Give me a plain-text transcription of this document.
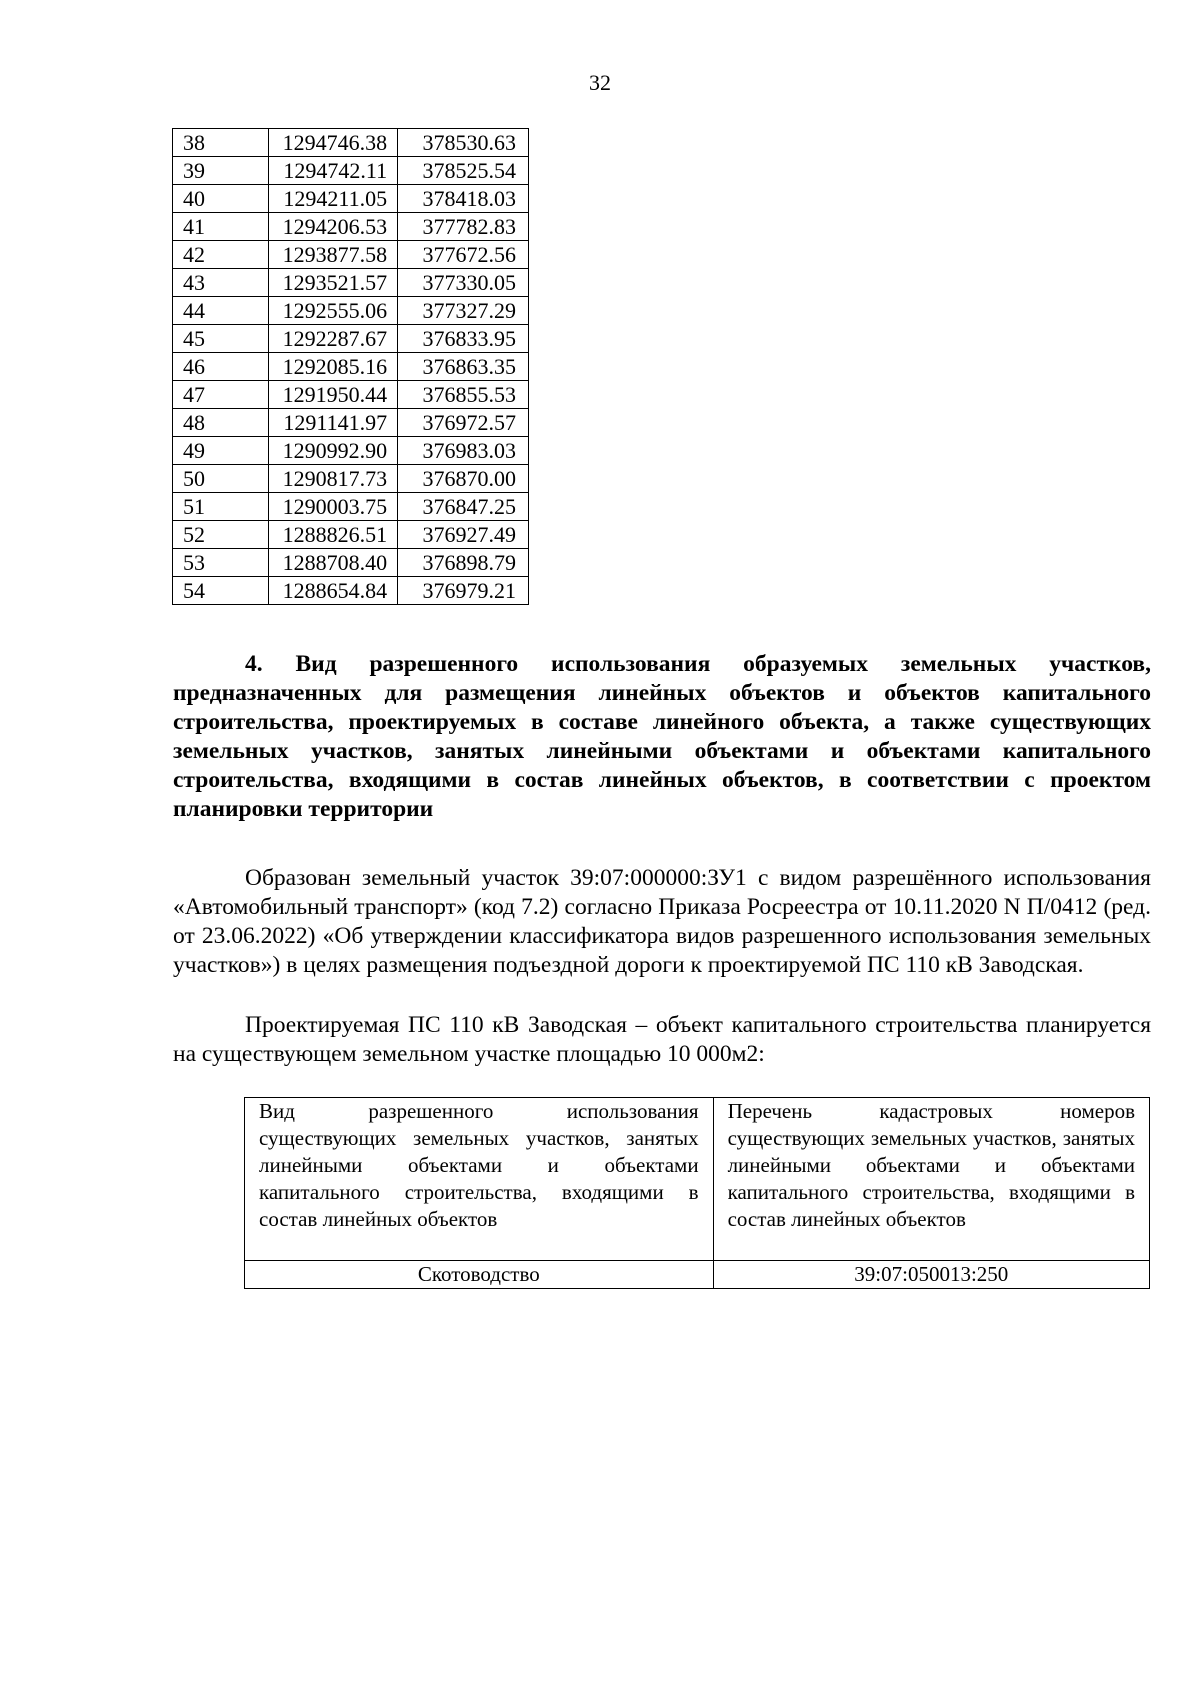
32
38	1294746.38	378530.63
39	1294742.11	378525.54
40	1294211.05	378418.03
41	1294206.53	377782.83
42	1293877.58	377672.56
43	1293521.57	377330.05
44	1292555.06	377327.29
45	1292287.67	376833.95
46	1292085.16	376863.35
47	1291950.44	376855.53
48	1291141.97	376972.57
49	1290992.90	376983.03
50	1290817.73	376870.00
51	1290003.75	376847.25
52	1288826.51	376927.49
53	1288708.40	376898.79
54	1288654.84	376979.21

4. Вид разрешенного использования образуемых земельных участков, предназначенных для размещения линейных объектов и объектов капитального строительства, проектируемых в составе линейного объекта, а также существующих земельных участков, занятых линейными объектами и объектами капитального строительства, входящими в состав линейных объектов, в соответствии с проектом планировки территории

Образован земельный участок 39:07:000000:ЗУ1 с видом разрешённого использования «Автомобильный транспорт» (код 7.2) согласно Приказа Росреестра от 10.11.2020 N П/0412 (ред. от 23.06.2022) «Об утверждении классификатора видов разрешенного использования земельных участков») в целях размещения подъездной дороги к проектируемой ПС 110 кВ Заводская.

Проектируемая ПС 110 кВ Заводская – объект капитального строительства планируется на существующем земельном участке площадью 10 000м2:

Вид разрешенного использования существующих земельных участков, занятых линейными объектами и объектами капитального строительства, входящими в состав линейных объектов	Перечень кадастровых номеров существующих земельных участков, занятых линейными объектами и объектами капитального строительства, входящими в состав линейных объектов
Скотоводство	39:07:050013:250
